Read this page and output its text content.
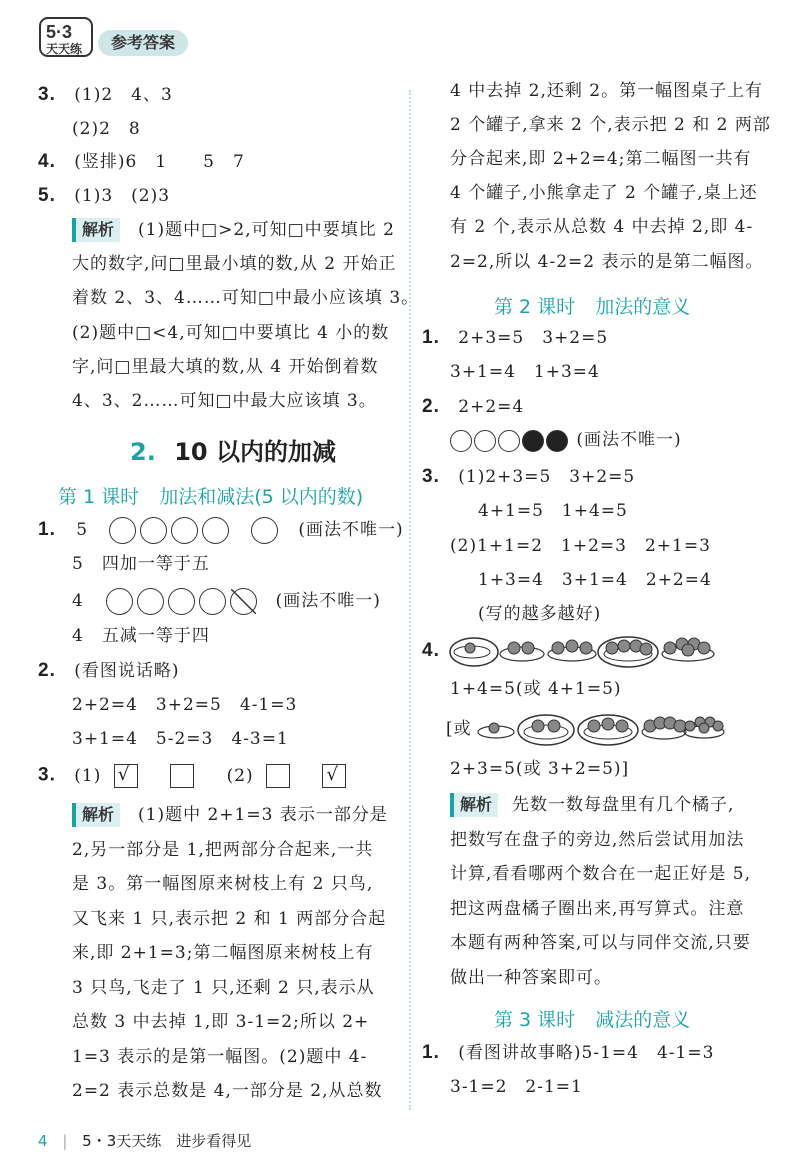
5·3
天天练	参考答案
3. (1)2　4、3
(2)2　8
4. (竖排)6　1　　5　7
5. (1)3　(2)3
解析	(1)题中□>2,可知□中要填比 2
大的数字,问□里最小填的数,从 2 开始正
着数 2、3、4……可知□中最小应该填 3。
(2)题中□<4,可知□中要填比 4 小的数
字,问□里最大填的数,从 4 开始倒着数
4、3、2……可知□中最大应该填 3。
2. 10 以内的加减
第 1 课时 加法和减法(5 以内的数)
1. 5	(画法不唯一)
5　四加一等于五
4	(画法不唯一)
4　五减一等于四
2. (看图说话略)
2+2=4　3+2=5　4-1=3
3+1=4　5-2=3　4-3=1
3. (1) √	(2)	√
解析	(1)题中 2+1=3 表示一部分是
2,另一部分是 1,把两部分合起来,一共
是 3。第一幅图原来树枝上有 2 只鸟,
又飞来 1 只,表示把 2 和 1 两部分合起
来,即 2+1=3;第二幅图原来树枝上有
3 只鸟,飞走了 1 只,还剩 2 只,表示从
总数 3 中去掉 1,即 3-1=2;所以 2+
1=3 表示的是第一幅图。(2)题中 4-
2=2 表示总数是 4,一部分是 2,从总数
4 中去掉 2,还剩 2。第一幅图桌子上有
2 个罐子,拿来 2 个,表示把 2 和 2 两部
分合起来,即 2+2=4;第二幅图一共有
4 个罐子,小熊拿走了 2 个罐子,桌上还
有 2 个,表示从总数 4 中去掉 2,即 4-
2=2,所以 4-2=2 表示的是第二幅图。
第 2 课时 加法的意义
1. 2+3=5　3+2=5
3+1=4　1+3=4
2. 2+2=4
(画法不唯一)
3. (1)2+3=5　3+2=5
4+1=5　1+4=5
(2)1+1=2　1+2=3　2+1=3
1+3=4　3+1=4　2+2=4
(写的越多越好)
4.
1+4=5(或 4+1=5)
[或
2+3=5(或 3+2=5)]
解析	先数一数每盘里有几个橘子,
把数写在盘子的旁边,然后尝试用加法
计算,看看哪两个数合在一起正好是 5,
把这两盘橘子圈出来,再写算式。注意
本题有两种答案,可以与同伴交流,只要
做出一种答案即可。
第 3 课时 减法的意义
1. (看图讲故事略)5-1=4　4-1=3
3-1=2　2-1=1
4 | 5・3天天练　进步看得见
